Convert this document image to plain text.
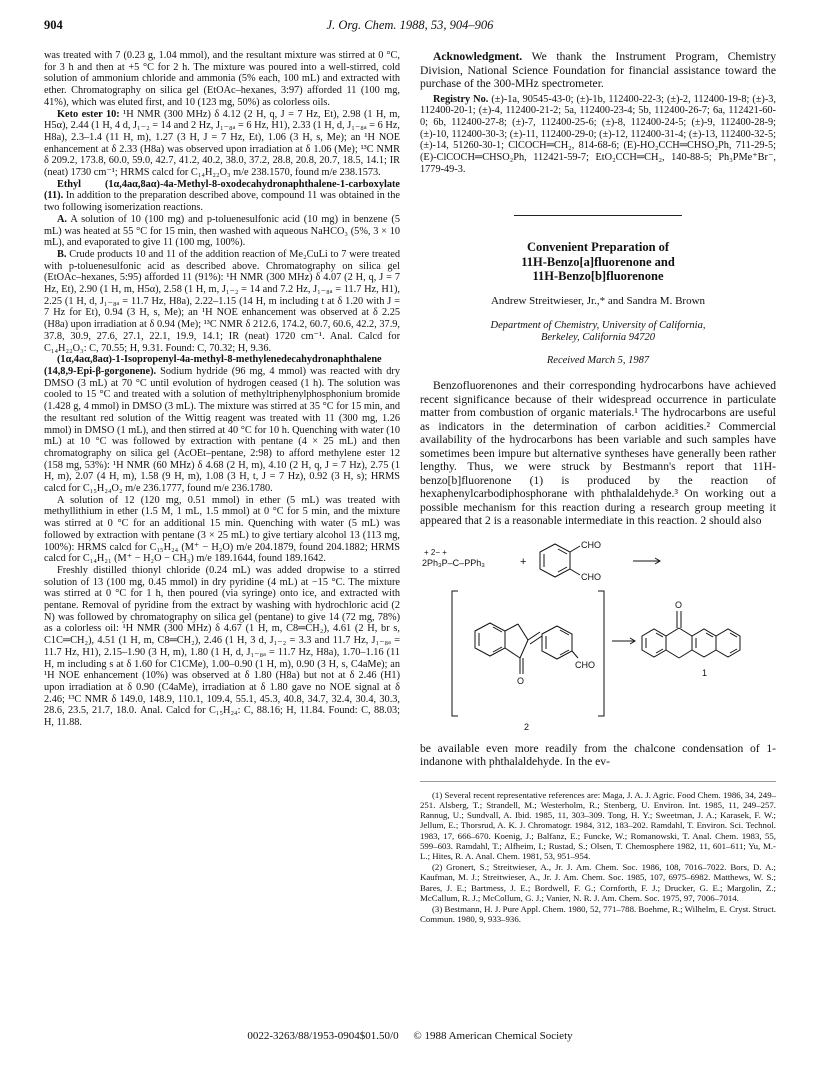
904	J. Org. Chem. 1988, 53, 904–906

was treated with 7 (0.23 g, 1.04 mmol), and the resultant mixture was stirred at 0 °C, for 3 h and then at +5 °C for 2 h. The mixture was poured into a well-stirred, cold solution of ammonium chloride and ammonia (5% each, 100 mL) and extracted with ether. Chromatography on silica gel (EtOAc–hexanes, 3:97) afforded 11 (100 mg, 41%), which was eluted first, and 10 (123 mg, 50%) as colorless oils.

Keto ester 10: ¹H NMR (300 MHz) δ 4.12 (2 H, q, J = 7 Hz, Et), 2.98 (1 H, m, H5α), 2.44 (1 H, 4 d, J₁₋₂ = 14 and 2 Hz, J₁₋₈ₐ = 6 Hz, H1), 2.33 (1 H, d, J₁₋₈ₐ = 6 Hz, H8a), 2.3–1.4 (11 H, m), 1.27 (3 H, J = 7 Hz, Et), 1.06 (3 H, s, Me); an ¹H NOE enhancement at δ 2.33 (H8a) was observed upon irradiation at δ 1.06 (Me); ¹³C NMR δ 209.2, 173.8, 60.0, 59.0, 42.7, 41.2, 40.2, 38.0, 37.2, 28.8, 20.8, 20.7, 18.5, 14.1; IR (neat) 1730 cm⁻¹; HRMS calcd for C₁₄H₂₂O₃ m/e 238.1570, found m/e 238.1573.

Ethyl (1α,4aα,8aα)-4a-Methyl-8-oxodecahydronaphthalene-1-carboxylate (11). In addition to the preparation described above, compound 11 was obtained in the two following isomerization reactions.

A. A solution of 10 (100 mg) and p-toluenesulfonic acid (10 mg) in benzene (5 mL) was heated at 55 °C for 15 min, then washed with aqueous NaHCO₃ (5%, 3 × 10 mL), and evaporated to give 11 (100 mg, 100%).

B. Crude products 10 and 11 of the addition reaction of Me₂CuLi to 7 were treated with p-toluenesulfonic acid as described above. Chromatography on silica gel (EtOAc–hexanes, 5:95) afforded 11 (91%): ¹H NMR (300 MHz) δ 4.07 (2 H, q, J = 7 Hz, Et), 2.90 (1 H, m, H5α), 2.58 (1 H, m, J₁₋₂ = 14 and 7.2 Hz, J₁₋₈ₐ = 11.7 Hz, H1), 2.25 (1 H, d, J₁₋₈ₐ = 11.7 Hz, H8a), 2.22–1.15 (14 H, m including t at δ 1.20 with J = 7 Hz for Et), 0.94 (3 H, s, Me); an ¹H NOE enhancement was observed at δ 2.25 (H8a) upon irradiation at δ 0.94 (Me); ¹³C NMR δ 212.6, 174.2, 60.7, 60.6, 42.2, 37.9, 37.8, 30.9, 27.6, 27.1, 22.1, 19.9, 14.1; IR (neat) 1720 cm⁻¹. Anal. Calcd for C₁₄H₂₂O₃: C, 70.55; H, 9.31. Found: C, 70.32; H, 9.36.

(1α,4aα,8aα)-1-Isopropenyl-4a-methyl-8-methylenedecahydronaphthalene (14,8,9-Epi-β-gorgonene). Sodium hydride (96 mg, 4 mmol) was reacted with dry DMSO (3 mL) at 70 °C until evolution of hydrogen ceased (1 h). The solution was cooled to 15 °C and treated with a solution of methyltriphenylphosphonium bromide (1.428 g, 4 mmol) in DMSO (3 mL). The mixture was stirred at 35 °C for 15 min, and the resultant red solution of the Wittig reagent was treated with 11 (300 mg, 1.26 mmol) in DMSO (1 mL), and then stirred at 40 °C for 10 h. Quenching with water (10 mL) at 10 °C was followed by extraction with pentane (4 × 25 mL) and then chromatography on silica gel (AcOEt–pentane, 2:98) to afford methylene ester 12 (158 mg, 53%): ¹H NMR (60 MHz) δ 4.68 (2 H, m), 4.10 (2 H, q, J = 7 Hz), 2.75 (1 H, m), 2.07 (4 H, m), 1.58 (9 H, m), 1.08 (3 H, t, J = 7 Hz), 0.92 (3 H, s); HRMS calcd for C₁₅H₂₄O₂ m/e 236.1777, found m/e 236.1780.

A solution of 12 (120 mg, 0.51 mmol) in ether (5 mL) was treated with methyllithium in ether (1.5 M, 1 mL, 1.5 mmol) at 0 °C for 5 min, and the mixture was stirred at 0 °C for an additional 15 min. Quenching with water (5 mL) was followed by extraction with pentane (3 × 25 mL) to give tertiary alcohol 13 (113 mg, 100%): HRMS calcd for C₁₅H₂₄ (M⁺ − H₂O) m/e 204.1879, found 204.1882; HRMS calcd for C₁₄H₂₁ (M⁺ − H₂O − CH₃) m/e 189.1644, found 189.1642.

Freshly distilled thionyl chloride (0.24 mL) was added dropwise to a stirred solution of 13 (100 mg, 0.45 mmol) in dry pyridine (4 mL) at −15 °C. The mixture was stirred at 0 °C for 1 h, then poured (via syringe) onto ice, and extracted with pentane. Removal of pyridine from the extract by washing with hydrochloric acid (2 N) was followed by chromatography on silica gel (pentane) to give 14 (72 mg, 78%) as a colorless oil: ¹H NMR (300 MHz) δ 4.67 (1 H, m, C8═CH₂), 4.61 (2 H, br s, C1C═CH₂), 4.51 (1 H, m, C8═CH₂), 2.46 (1 H, 3 d, J₁₋₂ = 3.3 and 11.7 Hz, J₁₋₈ₐ = 11.7 Hz, H1), 2.15–1.90 (3 H, m), 1.80 (1 H, d, J₁₋₈ₐ = 11.7 Hz, H8a), 1.70–1.16 (11 H, m including s at δ 1.60 for C1CMe), 1.00–0.90 (1 H, m), 0.90 (3 H, s, C4aMe); an ¹H NOE enhancement (10%) was observed at δ 1.80 (H8a) but not at δ 2.46 (H1) upon irradiation at δ 0.90 (C4aMe), irradiation at δ 1.80 gave no NOE signal at δ 2.46; ¹³C NMR δ 149.0, 148.9, 110.1, 109.4, 55.1, 45.3, 40.8, 34.7, 32.4, 30.4, 30.3, 28.6, 23.5, 21.7, 18.0. Anal. Calcd for C₁₅H₂₄: C, 88.16; H, 11.84. Found: C, 88.03; H, 11.88.

Acknowledgment. We thank the Instrument Program, Chemistry Division, National Science Foundation for financial assistance toward the purchase of the 300-MHz spectrometer.

Registry No. (±)-1a, 90545-43-0; (±)-1b, 112400-22-3; (±)-2, 112400-19-8; (±)-3, 112400-20-1; (±)-4, 112400-21-2; 5a, 112400-23-4; 5b, 112400-26-7; 6a, 112421-60-0; 6b, 112400-27-8; (±)-7, 112400-25-6; (±)-8, 112400-24-5; (±)-9, 112400-28-9; (±)-10, 112400-30-3; (±)-11, 112400-29-0; (±)-12, 112400-31-4; (±)-13, 112400-32-5; (±)-14, 51260-30-1; ClCOCH═CH₂, 814-68-6; (E)-HO₂CCH═CHSO₂Ph, 711-29-5; (E)-ClCOCH═CHSO₂Ph, 112421-59-7; EtO₂CCH═CH₂, 140-88-5; Ph₃PMe⁺Br⁻, 1779-49-3.

Convenient Preparation of
11H-Benzo[a]fluorenone and
11H-Benzo[b]fluorenone
Andrew Streitwieser, Jr.,* and Sandra M. Brown
Department of Chemistry, University of California,
Berkeley, California 94720
Received March 5, 1987

Benzofluorenones and their corresponding hydrocarbons have achieved recent significance because of their widespread occurrence in particulate matter from combustion of organic materials.¹ The hydrocarbons are useful as indicators in the determination of carbon acidities.² Commercial availability of the hydrocarbons has been variable and such samples have sometimes been impure but alternative syntheses have generally been rather lengthy. Thus, we were struck by Bestmann's report that 11H-benzo[b]fluorenone (1) is produced by the reaction of hexaphenylcarbodiphosphorane with phthalaldehyde.³ On working out a possible mechanism for this reaction during a research group meeting it appeared that 2 is a reasonable intermediate in this reaction. 2 should also

+ 2− +
2Ph₃P–C–PPh₃	+
CHO
CHO
CHO
O
O
2
1

be available even more readily from the chalcone condensation of 1-indanone with phthalaldehyde. In the ev-

(1) Several recent representative references are: Maga, J. A. J. Agric. Food Chem. 1986, 34, 249–251. Alsberg, T.; Strandell, M.; Westerholm, R.; Stenberg, U. Environ. Int. 1985, 11, 249–257. Rannug, U.; Sundvall, A. Ibid. 1985, 11, 303–309. Tong, H. Y.; Sweetman, J. A.; Karasek, F. W.; Jellum, E.; Thorsrud, A. K. J. Chromatogr. 1984, 312, 183–202. Ramdahl, T. Environ. Sci. Technol. 1983, 17, 666–670. Koenig, J.; Balfanz, E.; Funcke, W.; Romanowski, T. Anal. Chem. 1983, 55, 599–603. Ramdahl, T.; Alfheim, I.; Rustad, S.; Olsen, T. Chemosphere 1982, 11, 601–611; Yu, M.-L.; Hites, R. A. Anal. Chem. 1981, 53, 951–954.

(2) Gronert, S.; Streitwieser, A., Jr. J. Am. Chem. Soc. 1986, 108, 7016–7022. Bors, D. A.; Kaufman, M. J.; Streitwieser, A., Jr. J. Am. Chem. Soc. 1985, 107, 6975–6982. Matthews, W. S.; Bares, J. E.; Bartmess, J. E.; Bordwell, F. G.; Cornforth, F. J.; Drucker, G. E.; Margolin, Z.; McCallum, R. J.; McCollum, G. J.; Vanier, N. R. J. Am. Chem. Soc. 1975, 97, 7006–7014.

(3) Bestmann, H. J. Pure Appl. Chem. 1980, 52, 771–788. Boehme, R.; Wilhelm, E. Cryst. Struct. Commun. 1980, 9, 933–936.

0022-3263/88/1953-0904$01.50/0 © 1988 American Chemical Society
